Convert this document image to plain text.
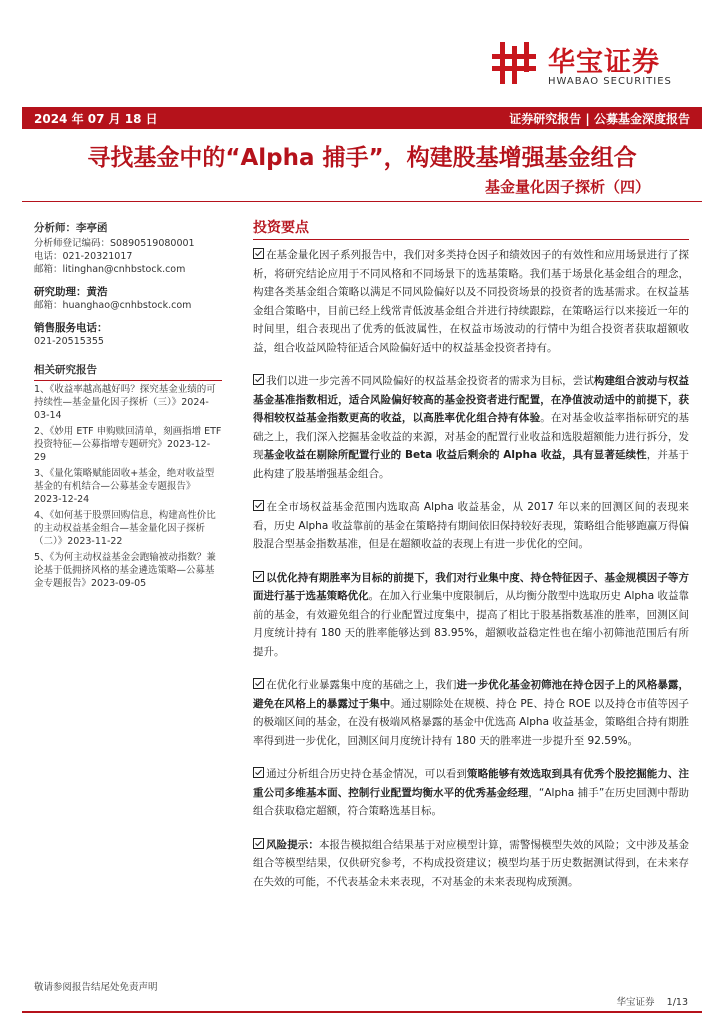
华宝证券
HWABAO SECURITIES
2024 年 07 月 18 日	证券研究报告 | 公募基金深度报告
寻找基金中的“Alpha 捕手”，构建股基增强基金组合
基金量化因子探析（四）
分析师：李亭函
分析师登记编码：S0890519080001
电话：021-20321017
邮箱：litinghan@cnhbstock.com
研究助理：黄浩
邮箱：huanghao@cnhbstock.com
销售服务电话：
021-20515355
相关研究报告
1、《收益率越高越好吗？探究基金业绩的可持续性—基金量化因子探析（三）》2024-03-14
2、《妙用 ETF 申购赎回清单，刻画指增 ETF 投资特征—公募指增专题研究》2023-12-29
3、《量化策略赋能固收+基金，绝对收益型基金的有机结合—公募基金专题报告》2023-12-24
4、《如何基于股票回购信息，构建高性价比的主动权益基金组合—基金量化因子探析（二）》2023-11-22
5、《为何主动权益基金会跑输被动指数？兼论基于低拥挤风格的基金遴选策略—公募基金专题报告》2023-09-05
投资要点
在基金量化因子系列报告中，我们对多类持仓因子和绩效因子的有效性和应用场景进行了探析，将研究结论应用于不同风格和不同场景下的选基策略。我们基于场景化基金组合的理念，构建各类基金组合策略以满足不同风险偏好以及不同投资场景的投资者的选基需求。在权益基金组合策略中，目前已经上线常青低波基金组合并进行持续跟踪，在策略运行以来接近一年的时间里，组合表现出了优秀的低波属性，在权益市场波动的行情中为组合投资者获取超额收益，组合收益风险特征适合风险偏好适中的权益基金投资者持有。
我们以进一步完善不同风险偏好的权益基金投资者的需求为目标，尝试构建组合波动与权益基金基准指数相近，适合风险偏好较高的基金投资者进行配置，在净值波动适中的前提下，获得相较权益基金指数更高的收益，以高胜率优化组合持有体验。在对基金收益率指标研究的基础之上，我们深入挖掘基金收益的来源，对基金的配置行业收益和选股超额能力进行拆分，发现基金收益在剔除所配置行业的 Beta 收益后剩余的 Alpha 收益，具有显著延续性，并基于此构建了股基增强基金组合。
在全市场权益基金范围内选取高 Alpha 收益基金，从 2017 年以来的回测区间的表现来看，历史 Alpha 收益靠前的基金在策略持有期间依旧保持较好表现，策略组合能够跑赢万得偏股混合型基金指数基准，但是在超额收益的表现上有进一步优化的空间。
以优化持有期胜率为目标的前提下，我们对行业集中度、持仓特征因子、基金规模因子等方面进行基于选基策略优化。在加入行业集中度限制后，从均衡分散型中选取历史 Alpha 收益靠前的基金，有效避免组合的行业配置过度集中，提高了相比于股基指数基准的胜率，回测区间月度统计持有 180 天的胜率能够达到 83.95%，超额收益稳定性也在缩小初筛池范围后有所提升。
在优化行业暴露集中度的基础之上，我们进一步优化基金初筛池在持仓因子上的风格暴露，避免在风格上的暴露过于集中。通过剔除处在规模、持仓 PE、持仓 ROE 以及持仓市值等因子的极端区间的基金，在没有极端风格暴露的基金中优选高 Alpha 收益基金，策略组合持有期胜率得到进一步优化，回测区间月度统计持有 180 天的胜率进一步提升至 92.59%。
通过分析组合历史持仓基金情况，可以看到策略能够有效选取到具有优秀个股挖掘能力、注重公司多维基本面、控制行业配置均衡水平的优秀基金经理，“Alpha 捕手”在历史回测中帮助组合获取稳定超额，符合策略选基目标。
风险提示：本报告模拟组合结果基于对应模型计算，需警惕模型失效的风险；文中涉及基金组合等模型结果，仅供研究参考，不构成投资建议；模型均基于历史数据测试得到，在未来存在失效的可能，不代表基金未来表现，不对基金的未来表现构成预测。
敬请参阅报告结尾处免责声明
华宝证券 1/13
